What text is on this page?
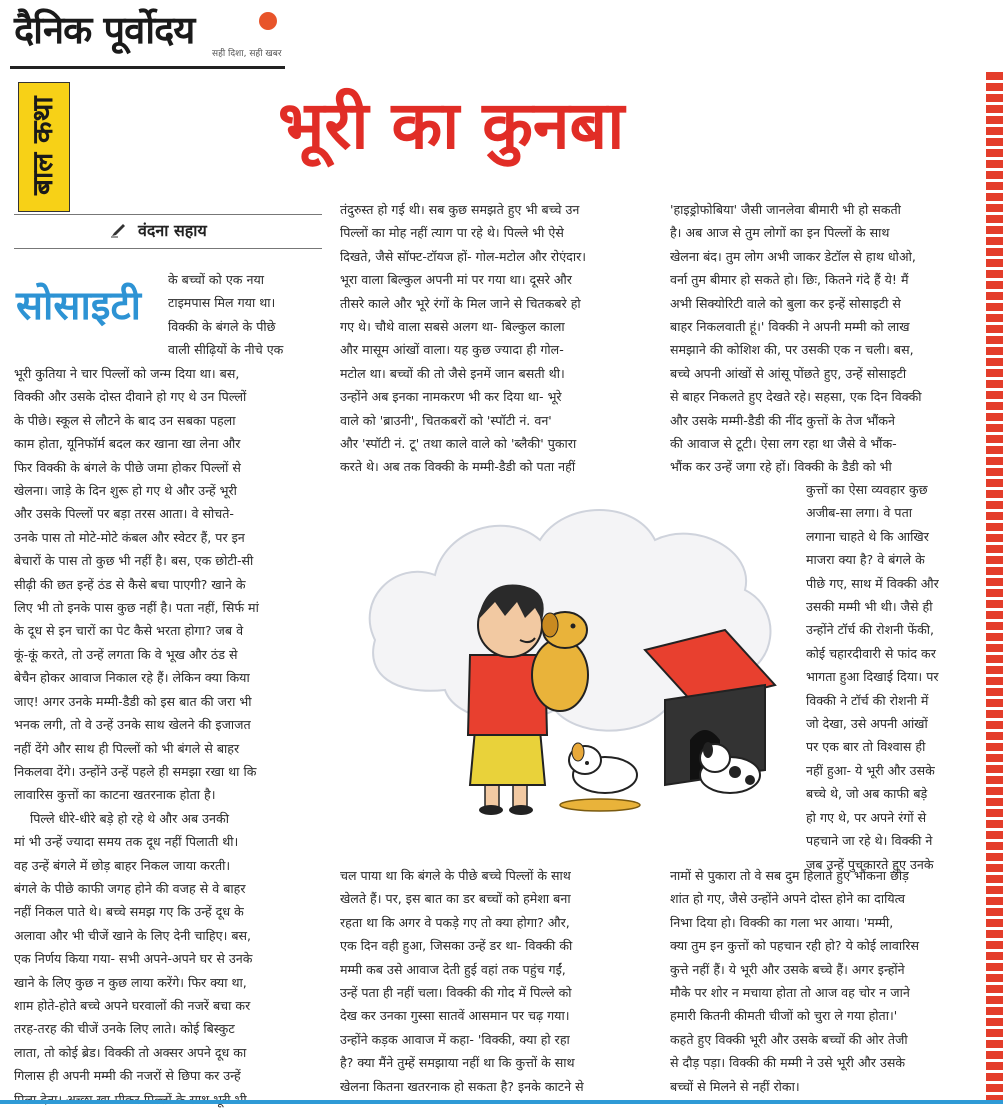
दैनिक पूर्वोदय
सही दिशा, सही खबर
बाल कथा	भूरी का कुनबा
वंदना सहाय
सोसाइटी
के बच्चों को एक नया
टाइमपास मिल गया था।
विक्की के बंगले के पीछे
वाली सीढ़ियों के नीचे एक
भूरी कुतिया ने चार पिल्लों को जन्म दिया था। बस,
विक्की और उसके दोस्त दीवाने हो गए थे उन पिल्लों
के पीछे। स्कूल से लौटने के बाद उन सबका पहला
काम होता, यूनिफॉर्म बदल कर खाना खा लेना और
फिर विक्की के बंगले के पीछे जमा होकर पिल्लों से
खेलना। जाड़े के दिन शुरू हो गए थे और उन्हें भूरी
और उसके पिल्लों पर बड़ा तरस आता। वे सोचते-
उनके पास तो मोटे-मोटे कंबल और स्वेटर हैं, पर इन
बेचारों के पास तो कुछ भी नहीं है। बस, एक छोटी-सी
सीढ़ी की छत इन्हें ठंड से कैसे बचा पाएगी? खाने के
लिए भी तो इनके पास कुछ नहीं है। पता नहीं, सिर्फ मां
के दूध से इन चारों का पेट कैसे भरता होगा? जब वे
कूं-कूं करते, तो उन्हें लगता कि वे भूख और ठंड से
बेचैन होकर आवाज निकाल रहे हैं। लेकिन क्या किया
जाए! अगर उनके मम्मी-डैडी को इस बात की जरा भी
भनक लगी, तो वे उन्हें उनके साथ खेलने की इजाजत
नहीं देंगे और साथ ही पिल्लों को भी बंगले से बाहर
निकलवा देंगे। उन्होंने उन्हें पहले ही समझा रखा था कि
लावारिस कुत्तों का काटना खतरनाक होता है।
पिल्ले धीरे-धीरे बड़े हो रहे थे और अब उनकी
मां भी उन्हें ज्यादा समय तक दूध नहीं पिलाती थी।
वह उन्हें बंगले में छोड़ बाहर निकल जाया करती।
बंगले के पीछे काफी जगह होने की वजह से वे बाहर
नहीं निकल पाते थे। बच्चे समझ गए कि उन्हें दूध के
अलावा और भी चीजें खाने के लिए देनी चाहिए। बस,
एक निर्णय किया गया- सभी अपने-अपने घर से उनके
खाने के लिए कुछ न कुछ लाया करेंगे। फिर क्या था,
शाम होते-होते बच्चे अपने घरवालों की नजरें बचा कर
तरह-तरह की चीजें उनके लिए लाते। कोई बिस्कुट
लाता, तो कोई ब्रेड। विक्की तो अक्सर अपने दूध का
गिलास ही अपनी मम्मी की नजरों से छिपा कर उन्हें
तंदुरुस्त हो गई थी। सब कुछ समझते हुए भी बच्चे उन
पिल्लों का मोह नहीं त्याग पा रहे थे। पिल्ले भी ऐसे
दिखते, जैसे सॉफ्ट-टॉयज हों- गोल-मटोल और रोएंदार।
भूरा वाला बिल्कुल अपनी मां पर गया था। दूसरे और
तीसरे काले और भूरे रंगों के मिल जाने से चितकबरे हो
गए थे। चौथे वाला सबसे अलग था- बिल्कुल काला
और मासूम आंखों वाला। यह कुछ ज्यादा ही गोल-
मटोल था। बच्चों की तो जैसे इनमें जान बसती थी।
उन्होंने अब इनका नामकरण भी कर दिया था- भूरे
वाले को 'ब्राउनी', चितकबरों को 'स्पॉटी नं. वन'
और 'स्पॉटी नं. टू' तथा काले वाले को 'ब्लैकी' पुकारा
करते थे। अब तक विक्की के मम्मी-डैडी को पता नहीं
'हाइड्रोफोबिया' जैसी जानलेवा बीमारी भी हो सकती
है। अब आज से तुम लोगों का इन पिल्लों के साथ
खेलना बंद। तुम लोग अभी जाकर डेटॉल से हाथ धोओ,
वर्ना तुम बीमार हो सकते हो। छिः, कितने गंदे हैं ये! मैं
अभी सिक्योरिटी वाले को बुला कर इन्हें सोसाइटी से
बाहर निकलवाती हूं।' विक्की ने अपनी मम्मी को लाख
समझाने की कोशिश की, पर उसकी एक न चली। बस,
बच्चे अपनी आंखों से आंसू पोंछते हुए, उन्हें सोसाइटी
से बाहर निकलते हुए देखते रहे। सहसा, एक दिन विक्की
और उसके मम्मी-डैडी की नींद कुत्तों के तेज भौंकने
की आवाज से टूटी। ऐसा लग रहा था जैसे वे भौंक-
भौंक कर उन्हें जगा रहे हों। विक्की के डैडी को भी
कुत्तों का ऐसा व्यवहार कुछ
अजीब-सा लगा। वे पता
लगाना चाहते थे कि आखिर
माजरा क्या है? वे बंगले के
पीछे गए, साथ में विक्की और
उसकी मम्मी भी थी। जैसे ही
उन्होंने टॉर्च की रोशनी फेंकी,
कोई चहारदीवारी से फांद कर
भागता हुआ दिखाई दिया। पर
विक्की ने टॉर्च की रोशनी में
जो देखा, उसे अपनी आंखों
पर एक बार तो विश्वास ही
नहीं हुआ- ये भूरी और उसके
बच्चे थे, जो अब काफी बड़े
हो गए थे, पर अपने रंगों से
पहचाने जा रहे थे। विक्की ने
जब उन्हें पुचकारते हुए उनके
चल पाया था कि बंगले के पीछे बच्चे पिल्लों के साथ
खेलते हैं। पर, इस बात का डर बच्चों को हमेशा बना
रहता था कि अगर वे पकड़े गए तो क्या होगा? और,
एक दिन वही हुआ, जिसका उन्हें डर था- विक्की की
मम्मी कब उसे आवाज देती हुई वहां तक पहुंच गईं,
उन्हें पता ही नहीं चला। विक्की की गोद में पिल्ले को
देख कर उनका गुस्सा सातवें आसमान पर चढ़ गया।
उन्होंने कड़क आवाज में कहा- 'विक्की, क्या हो रहा
है? क्या मैंने तुम्हें समझाया नहीं था कि कुत्तों के साथ
खेलना कितना खतरनाक हो सकता है? इनके काटने से
नामों से पुकारा तो वे सब दुम हिलाते हुए भौंकना छोड़
शांत हो गए, जैसे उन्होंने अपने दोस्त होने का दायित्व
निभा दिया हो। विक्की का गला भर आया। 'मम्मी,
क्या तुम इन कुत्तों को पहचान रही हो? ये कोई लावारिस
कुत्ते नहीं हैं। ये भूरी और उसके बच्चे हैं। अगर इन्होंने
मौके पर शोर न मचाया होता तो आज वह चोर न जाने
हमारी कितनी कीमती चीजों को चुरा ले गया होता।'
कहते हुए विक्की भूरी और उसके बच्चों की ओर तेजी
से दौड़ पड़ा। विक्की की मम्मी ने उसे भूरी और उसके
बच्चों से मिलने से नहीं रोका।
